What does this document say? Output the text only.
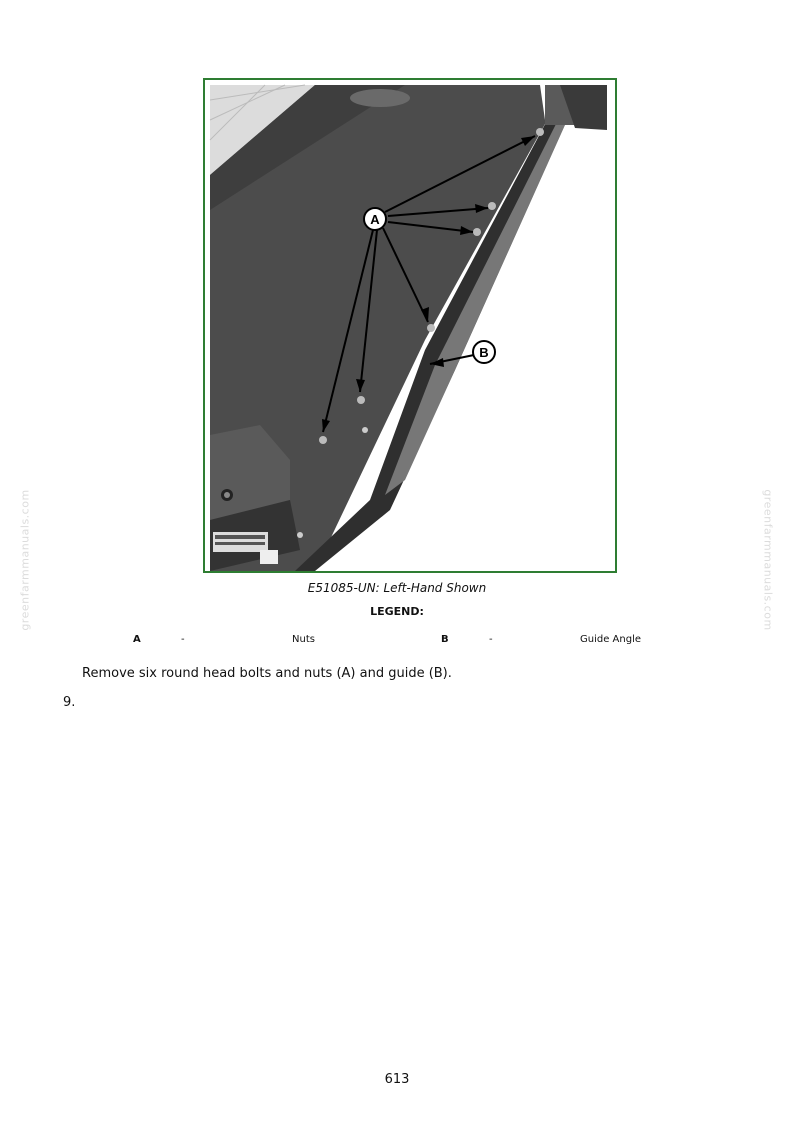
greenfarmmanuals.com	greenfarmmanuals.com
A
B
E51085-UN: Left-Hand Shown
LEGEND:
A	-	Nuts	B	-	Guide Angle
Remove six round head bolts and nuts (A) and guide (B).
9.
613
